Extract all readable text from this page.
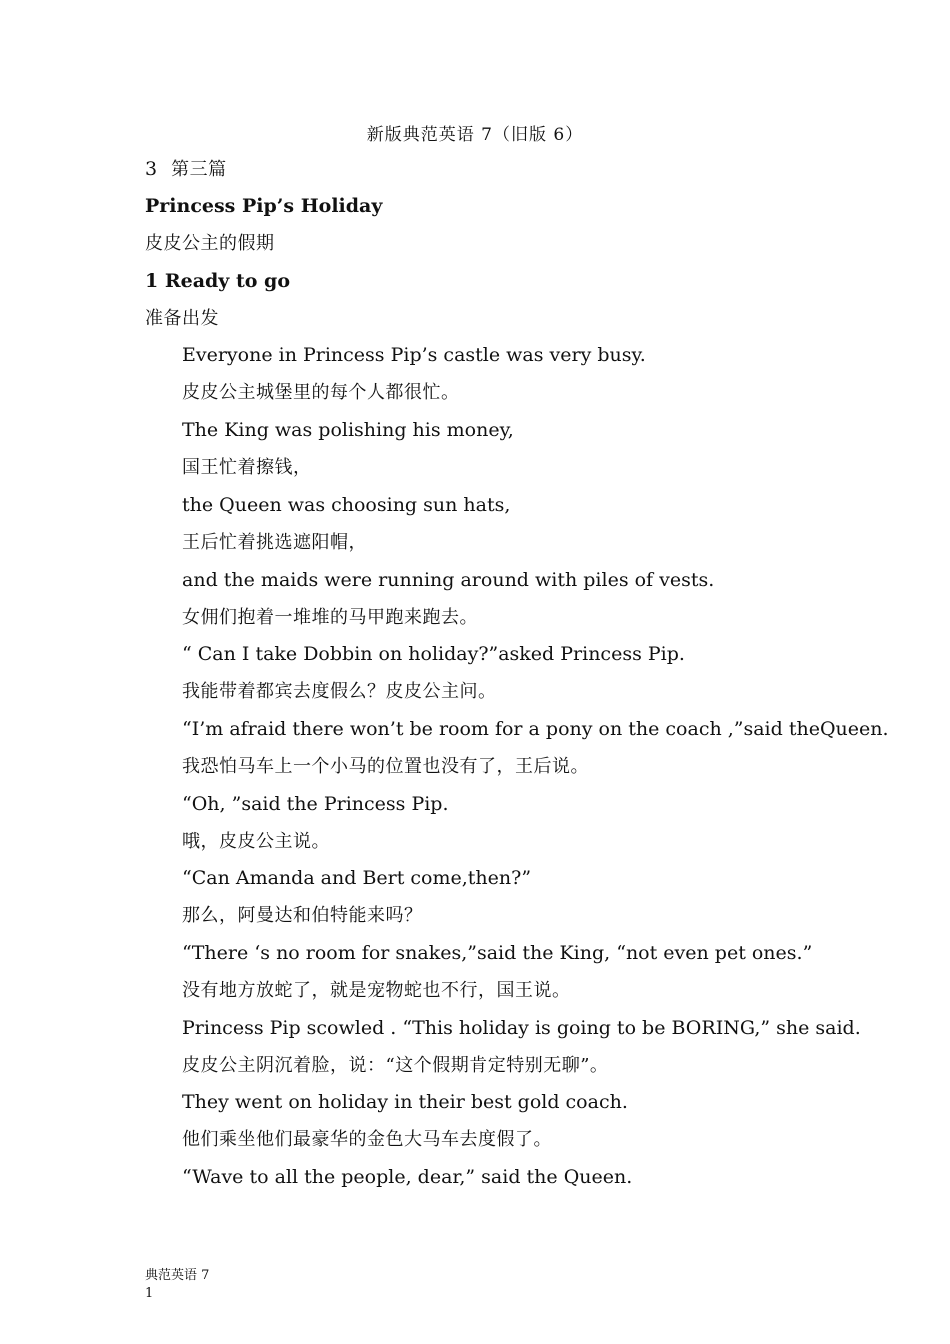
新版典范英语 7（旧版 6）
3 第三篇
Princess Pip’s Holiday
皮皮公主的假期
1 Ready to go
准备出发
Everyone in Princess Pip’s castle was very busy.
皮皮公主城堡里的每个人都很忙。
The King was polishing his money,
国王忙着擦钱，
the Queen was choosing sun hats,
王后忙着挑选遮阳帽，
and the maids were running around with piles of vests.
女佣们抱着一堆堆的马甲跑来跑去。
“ Can I take Dobbin on holiday?”asked Princess Pip.
我能带着都宾去度假么？皮皮公主问。
“I’m afraid there won’t be room for a pony on the coach ,”said theQueen.
我恐怕马车上一个小马的位置也没有了，王后说。
“Oh, ”said the Princess Pip.
哦，皮皮公主说。
“Can Amanda and Bert come,then?”
那么，阿曼达和伯特能来吗？
“There ‘s no room for snakes,”said the King, “not even pet ones.”
没有地方放蛇了，就是宠物蛇也不行，国王说。
Princess Pip scowled . “This holiday is going to be BORING,” she said.
皮皮公主阴沉着脸，说：“这个假期肯定特别无聊”。
They went on holiday in their best gold coach.
他们乘坐他们最豪华的金色大马车去度假了。
“Wave to all the people, dear,” said the Queen.
典范英语 7
1
